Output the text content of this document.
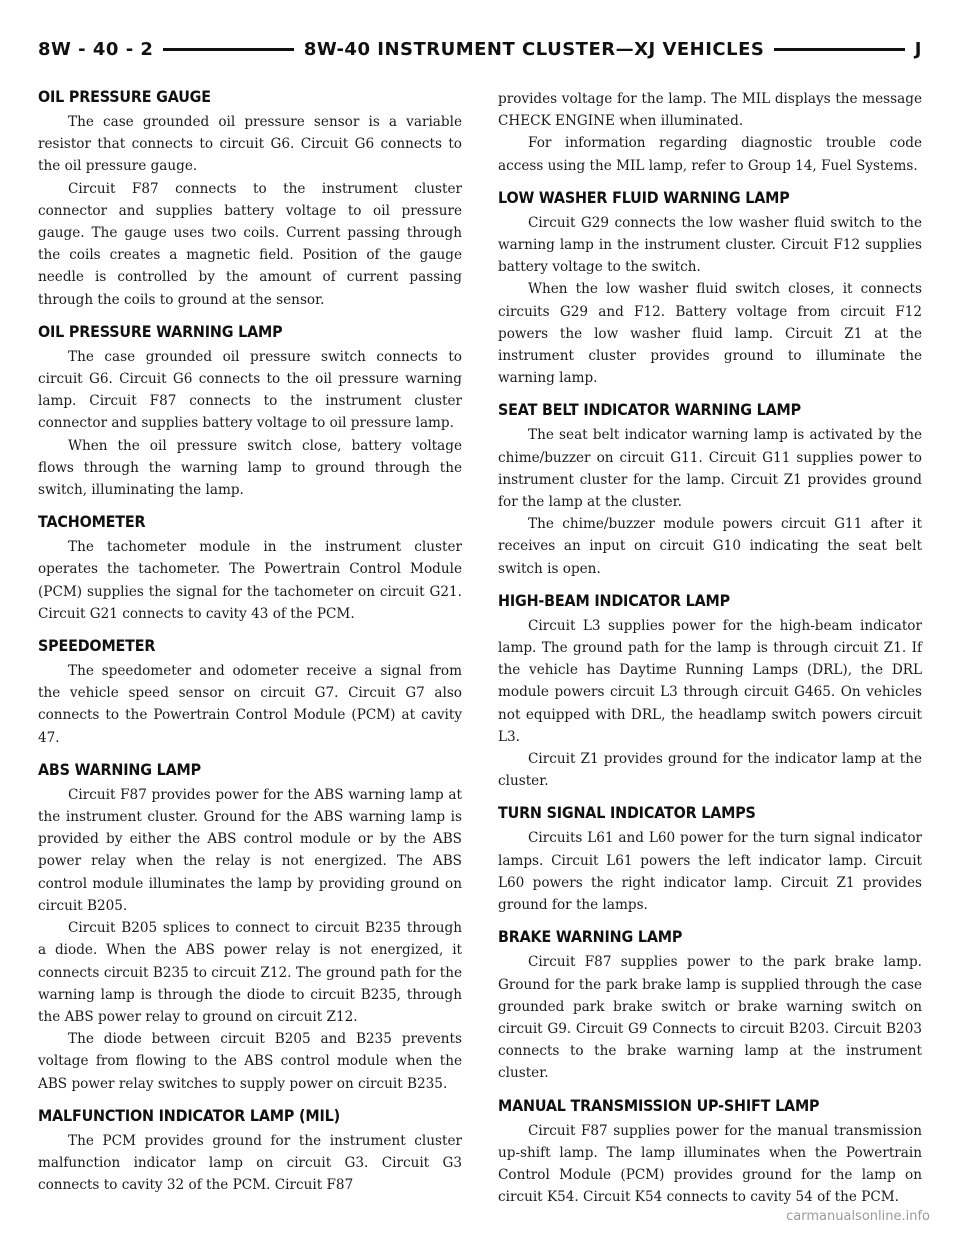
8W - 40 - 2	8W-40 INSTRUMENT CLUSTER—XJ VEHICLES	J
OIL PRESSURE GAUGE

The case grounded oil pressure sensor is a variable resistor that connects to circuit G6. Circuit G6 connects to the oil pressure gauge.

Circuit F87 connects to the instrument cluster connector and supplies battery voltage to oil pressure gauge. The gauge uses two coils. Current passing through the coils creates a magnetic field. Position of the gauge needle is controlled by the amount of current passing through the coils to ground at the sensor.

OIL PRESSURE WARNING LAMP

The case grounded oil pressure switch connects to circuit G6. Circuit G6 connects to the oil pressure warning lamp. Circuit F87 connects to the instrument cluster connector and supplies battery voltage to oil pressure lamp.

When the oil pressure switch close, battery voltage flows through the warning lamp to ground through the switch, illuminating the lamp.

TACHOMETER

The tachometer module in the instrument cluster operates the tachometer. The Powertrain Control Module (PCM) supplies the signal for the tachometer on circuit G21. Circuit G21 connects to cavity 43 of the PCM.

SPEEDOMETER

The speedometer and odometer receive a signal from the vehicle speed sensor on circuit G7. Circuit G7 also connects to the Powertrain Control Module (PCM) at cavity 47.

ABS WARNING LAMP

Circuit F87 provides power for the ABS warning lamp at the instrument cluster. Ground for the ABS warning lamp is provided by either the ABS control module or by the ABS power relay when the relay is not energized. The ABS control module illuminates the lamp by providing ground on circuit B205.

Circuit B205 splices to connect to circuit B235 through a diode. When the ABS power relay is not energized, it connects circuit B235 to circuit Z12. The ground path for the warning lamp is through the diode to circuit B235, through the ABS power relay to ground on circuit Z12.

The diode between circuit B205 and B235 prevents voltage from flowing to the ABS control module when the ABS power relay switches to supply power on circuit B235.

MALFUNCTION INDICATOR LAMP (MIL)

The PCM provides ground for the instrument cluster malfunction indicator lamp on circuit G3. Circuit G3 connects to cavity 32 of the PCM. Circuit F87

provides voltage for the lamp. The MIL displays the message CHECK ENGINE when illuminated.

For information regarding diagnostic trouble code access using the MIL lamp, refer to Group 14, Fuel Systems.

LOW WASHER FLUID WARNING LAMP

Circuit G29 connects the low washer fluid switch to the warning lamp in the instrument cluster. Circuit F12 supplies battery voltage to the switch.

When the low washer fluid switch closes, it connects circuits G29 and F12. Battery voltage from circuit F12 powers the low washer fluid lamp. Circuit Z1 at the instrument cluster provides ground to illuminate the warning lamp.

SEAT BELT INDICATOR WARNING LAMP

The seat belt indicator warning lamp is activated by the chime/buzzer on circuit G11. Circuit G11 supplies power to instrument cluster for the lamp. Circuit Z1 provides ground for the lamp at the cluster.

The chime/buzzer module powers circuit G11 after it receives an input on circuit G10 indicating the seat belt switch is open.

HIGH-BEAM INDICATOR LAMP

Circuit L3 supplies power for the high-beam indicator lamp. The ground path for the lamp is through circuit Z1. If the vehicle has Daytime Running Lamps (DRL), the DRL module powers circuit L3 through circuit G465. On vehicles not equipped with DRL, the headlamp switch powers circuit L3.

Circuit Z1 provides ground for the indicator lamp at the cluster.

TURN SIGNAL INDICATOR LAMPS

Circuits L61 and L60 power for the turn signal indicator lamps. Circuit L61 powers the left indicator lamp. Circuit L60 powers the right indicator lamp. Circuit Z1 provides ground for the lamps.

BRAKE WARNING LAMP

Circuit F87 supplies power to the park brake lamp. Ground for the park brake lamp is supplied through the case grounded park brake switch or brake warning switch on circuit G9. Circuit G9 Connects to circuit B203. Circuit B203 connects to the brake warning lamp at the instrument cluster.

MANUAL TRANSMISSION UP-SHIFT LAMP

Circuit F87 supplies power for the manual transmission up-shift lamp. The lamp illuminates when the Powertrain Control Module (PCM) provides ground for the lamp on circuit K54. Circuit K54 connects to cavity 54 of the PCM.

carmanualsonline.info
